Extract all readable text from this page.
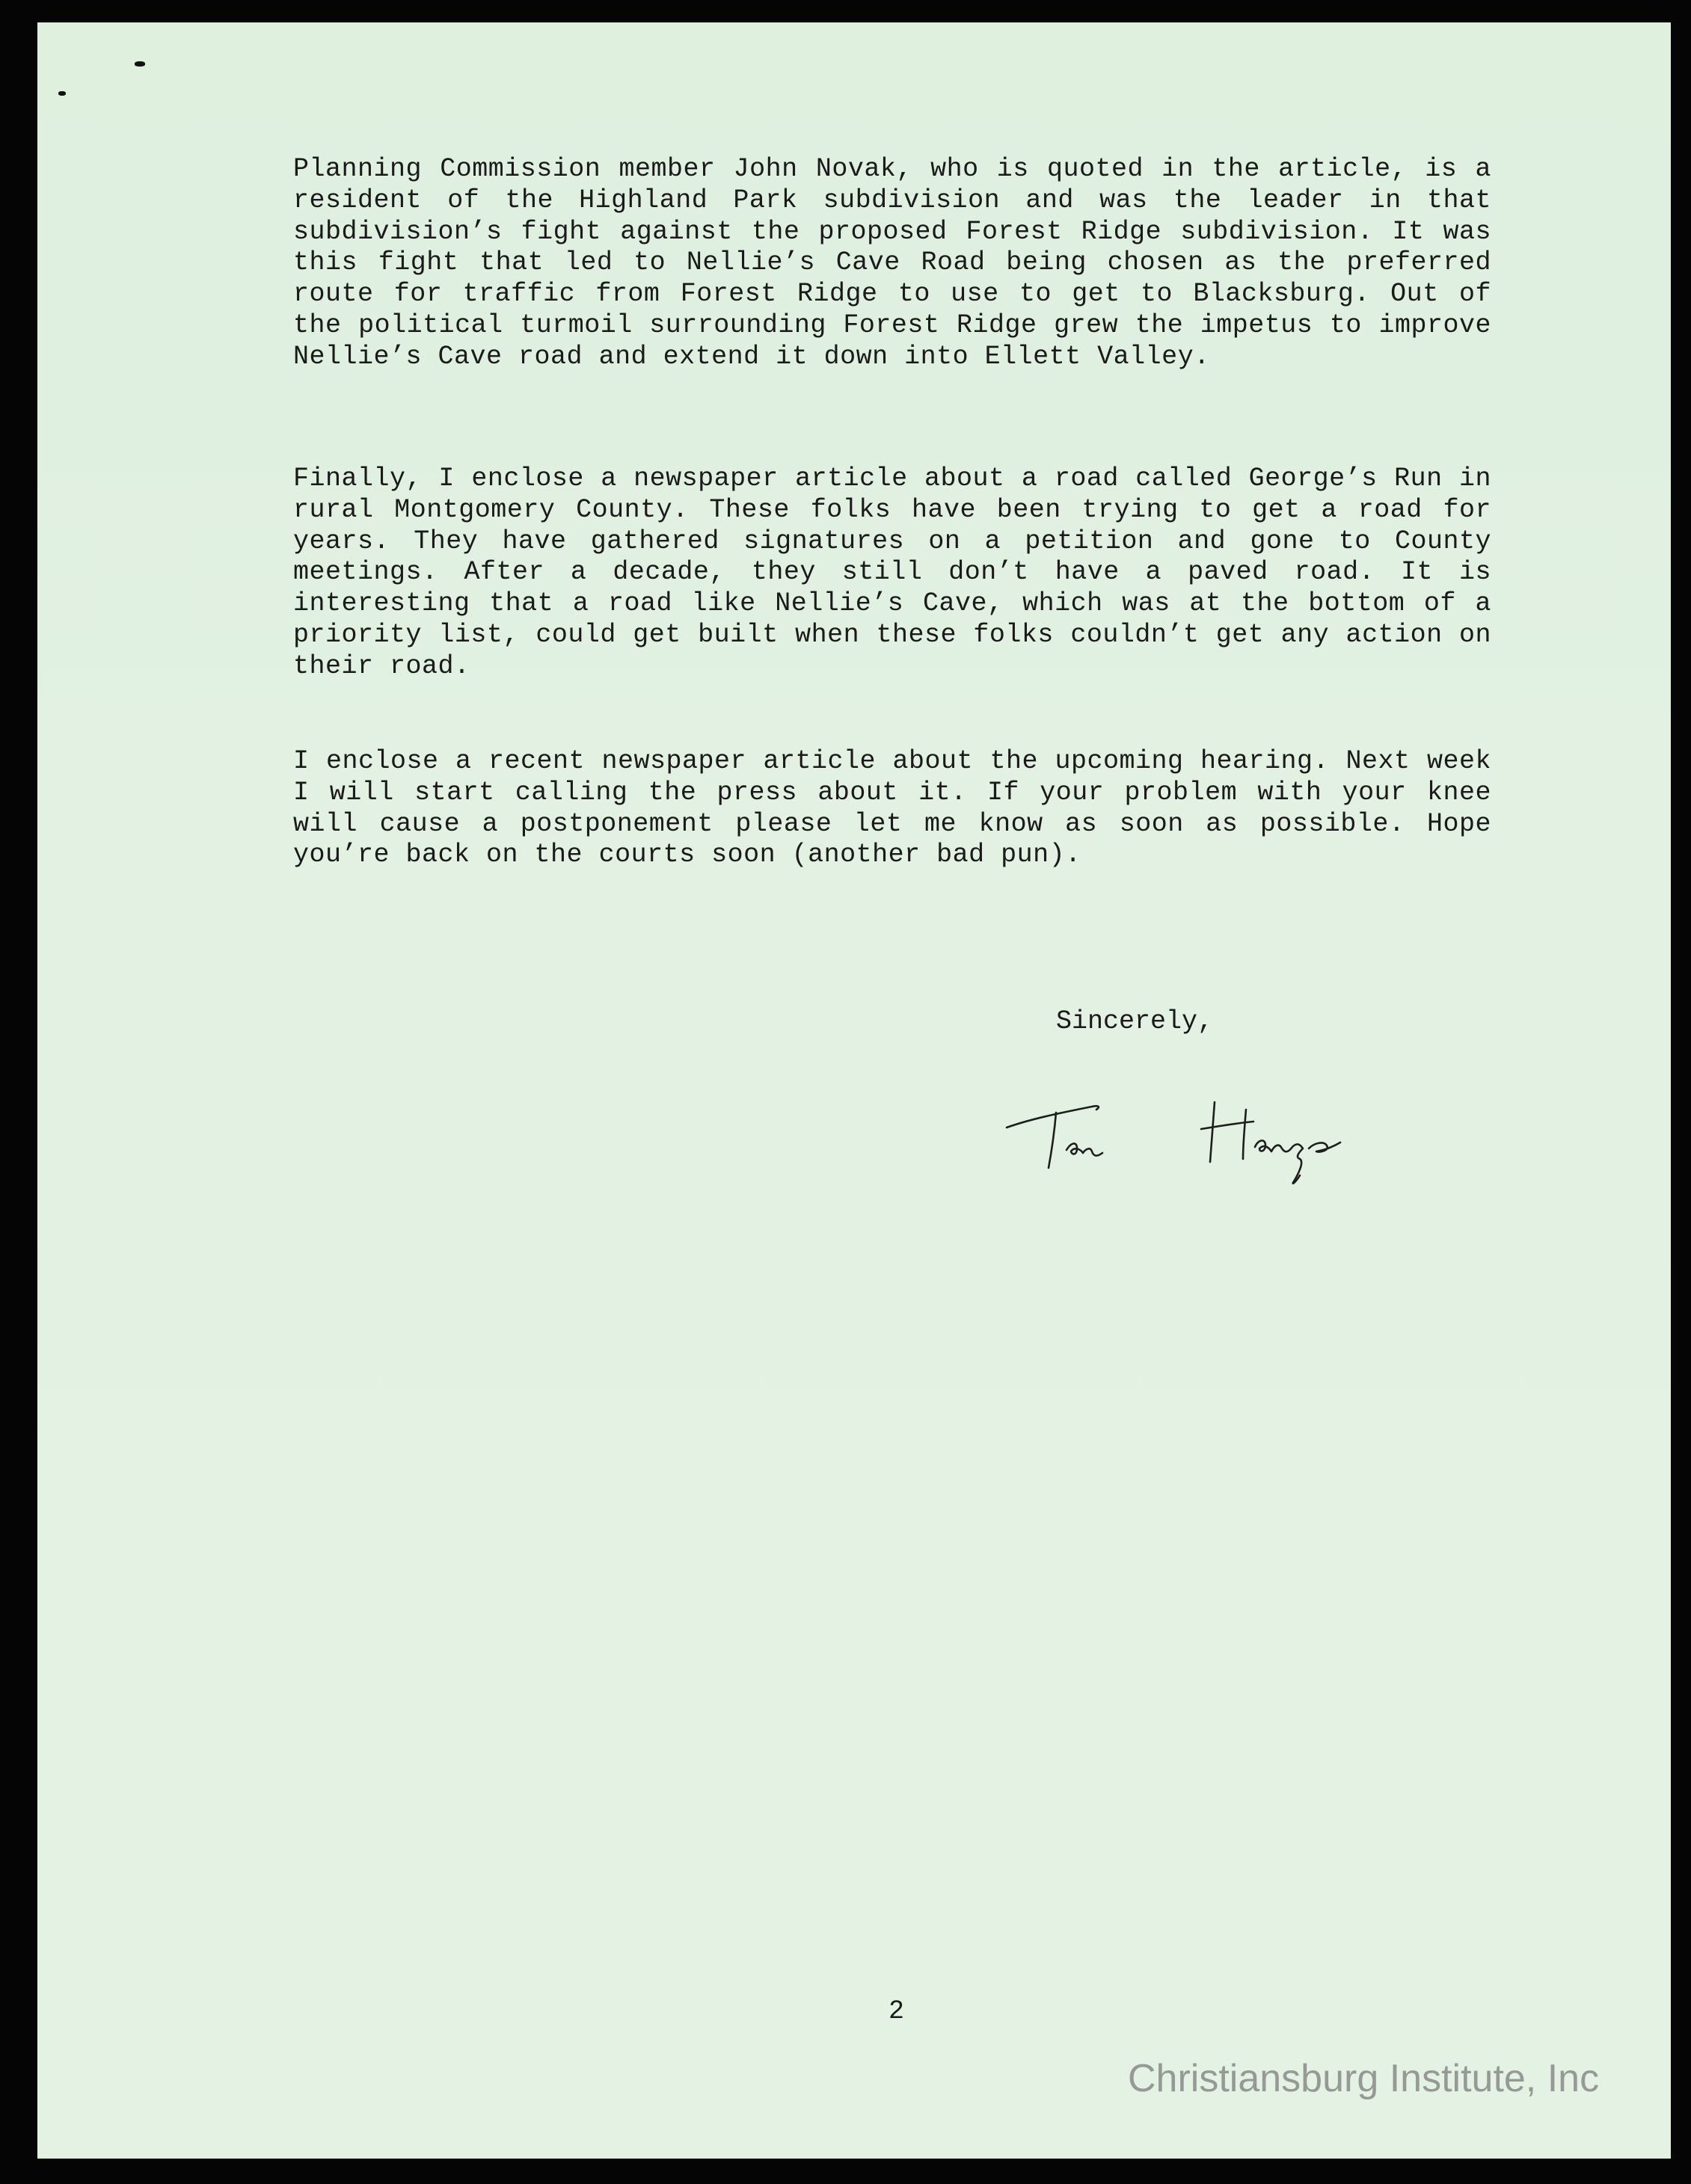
Planning Commission member John Novak, who is quoted in the article, is a resident of the Highland Park subdivision and was the leader in that subdivision’s fight against the proposed Forest Ridge subdivision. It was this fight that led to Nellie’s Cave Road being chosen as the preferred route for traffic from Forest Ridge to use to get to Blacksburg. Out of the political turmoil surrounding Forest Ridge grew the impetus to improve Nellie’s Cave road and extend it down into Ellett Valley.

Finally, I enclose a newspaper article about a road called George’s Run in rural Montgomery County. These folks have been trying to get a road for years. They have gathered signatures on a petition and gone to County meetings. After a decade, they still don’t have a paved road. It is interesting that a road like Nellie’s Cave, which was at the bottom of a priority list, could get built when these folks couldn’t get any action on their road.

I enclose a recent newspaper article about the upcoming hearing. Next week I will start calling the press about it. If your problem with your knee will cause a postponement please let me know as soon as possible. Hope you’re back on the courts soon (another bad pun).

Sincerely,

2

Christiansburg Institute, Inc
